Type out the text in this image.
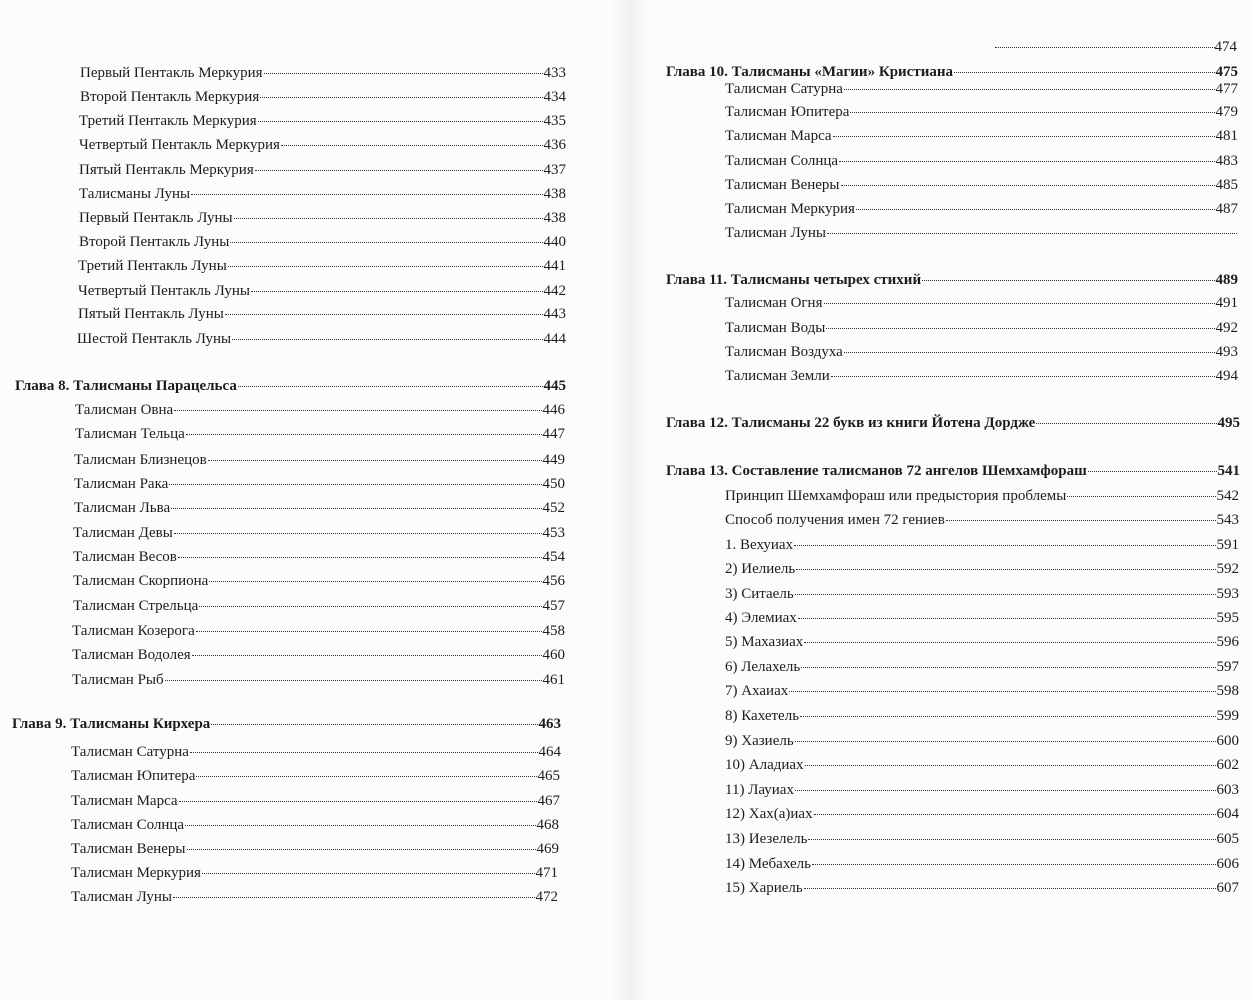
Первый Пентакль Меркурия	433
Второй Пентакль Меркурия	434
Третий Пентакль Меркурия	435
Четвертый Пентакль Меркурия	436
Пятый Пентакль Меркурия	437
Талисманы Луны	438
Первый Пентакль Луны	438
Второй Пентакль Луны	440
Третий Пентакль Луны	441
Четвертый Пентакль Луны	442
Пятый Пентакль Луны	443
Шестой Пентакль Луны	444
Глава 8. Талисманы Парацельса	445
Талисман Овна	446
Талисман Тельца	447
Талисман Близнецов	449
Талисман Рака	450
Талисман Льва	452
Талисман Девы	453
Талисман Весов	454
Талисман Скорпиона	456
Талисман Стрельца	457
Талисман Козерога	458
Талисман Водолея	460
Талисман Рыб	461
Глава 9. Талисманы Кирхера	463
Талисман Сатурна	464
Талисман Юпитера	465
Талисман Марса	467
Талисман Солнца	468
Талисман Венеры	469
Талисман Меркурия	471
Талисман Луны	472
474
Глава 10. Талисманы «Магии» Кристиана	475
Талисман Сатурна	477
Талисман Юпитера	479
Талисман Марса	481
Талисман Солнца	483
Талисман Венеры	485
Талисман Меркурия	487
Талисман Луны
Глава 11. Талисманы четырех стихий	489
Талисман Огня	491
Талисман Воды	492
Талисман Воздуха	493
Талисман Земли	494
Глава 12. Талисманы 22 букв из книги Йотена Дордже	495
Глава 13. Составление талисманов 72 ангелов Шемхамфораш	541
Принцип Шемхамфораш или предыстория проблемы	542
Способ получения имен 72 гениев	543
1. Вехуиах	591
2) Иелиель	592
3) Ситаель	593
4) Элемиах	595
5) Махазиах	596
6) Лелахель	597
7) Ахаиах	598
8) Кахетель	599
9) Хазиель	600
10) Аладиах	602
11) Лауиах	603
12) Хах(а)иах	604
13) Иезелель	605
14) Мебахель	606
15) Хариель	607
